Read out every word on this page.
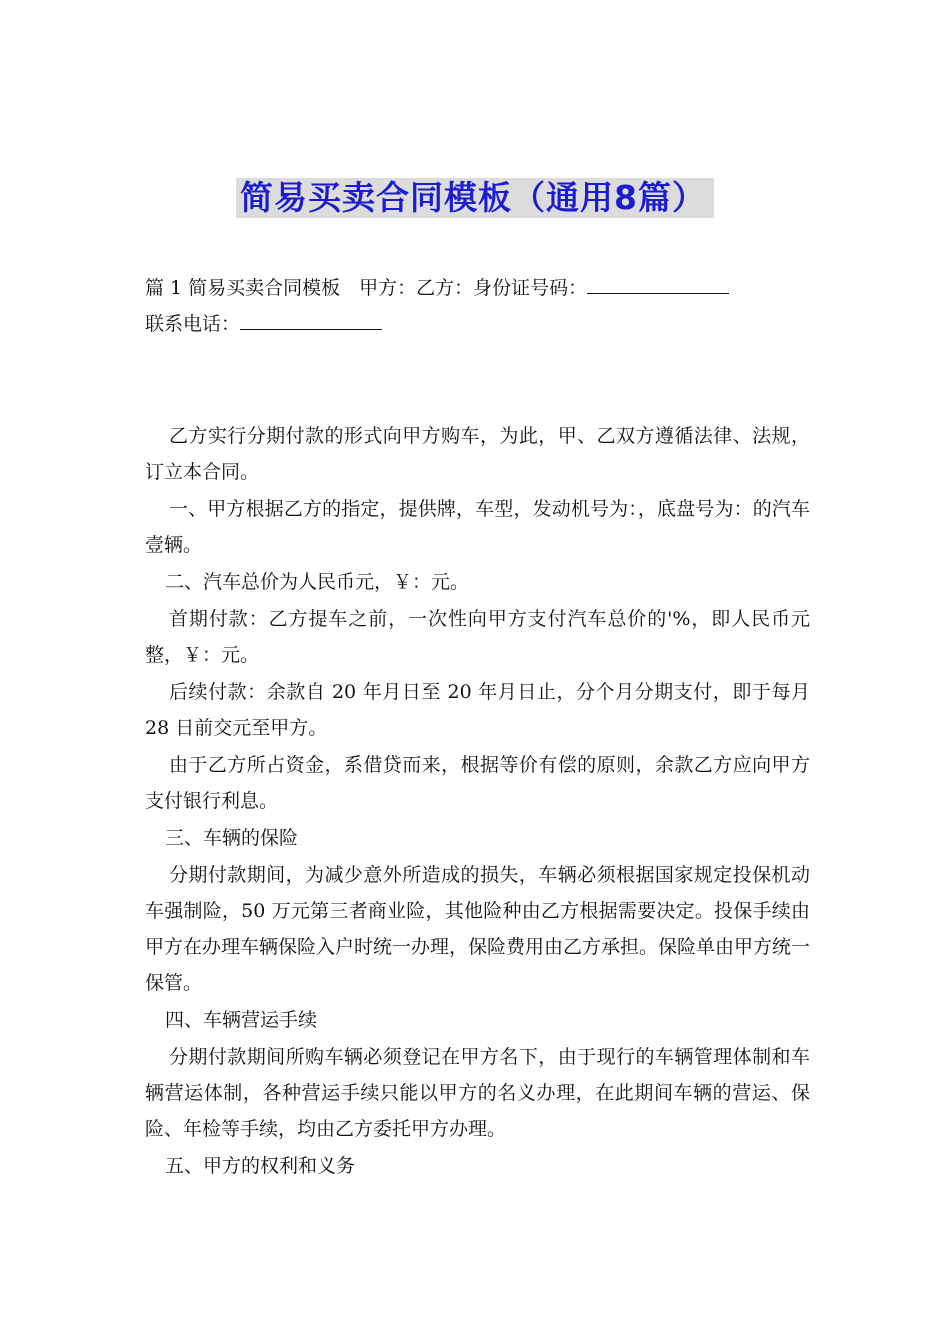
简易买卖合同模板（通用8篇）
篇 1 简易买卖合同模板　甲方：乙方：身份证号码：
联系电话：

乙方实行分期付款的形式向甲方购车，为此，甲、乙双方遵循法律、法规，订立本合同。

一、甲方根据乙方的指定，提供牌，车型，发动机号为：，底盘号为：的汽车壹辆。

二、汽车总价为人民币元，￥：元。

首期付款：乙方提车之前，一次性向甲方支付汽车总价的'%，即人民币元整，￥：元。

后续付款：余款自 20 年月日至 20 年月日止，分个月分期支付，即于每月 28 日前交元至甲方。

由于乙方所占资金，系借贷而来，根据等价有偿的原则，余款乙方应向甲方支付银行利息。

三、车辆的保险

分期付款期间，为减少意外所造成的损失，车辆必须根据国家规定投保机动车强制险，50 万元第三者商业险，其他险种由乙方根据需要决定。投保手续由甲方在办理车辆保险入户时统一办理，保险费用由乙方承担。保险单由甲方统一保管。

四、车辆营运手续

分期付款期间所购车辆必须登记在甲方名下，由于现行的车辆管理体制和车辆营运体制，各种营运手续只能以甲方的名义办理，在此期间车辆的营运、保险、年检等手续，均由乙方委托甲方办理。

五、甲方的权利和义务
